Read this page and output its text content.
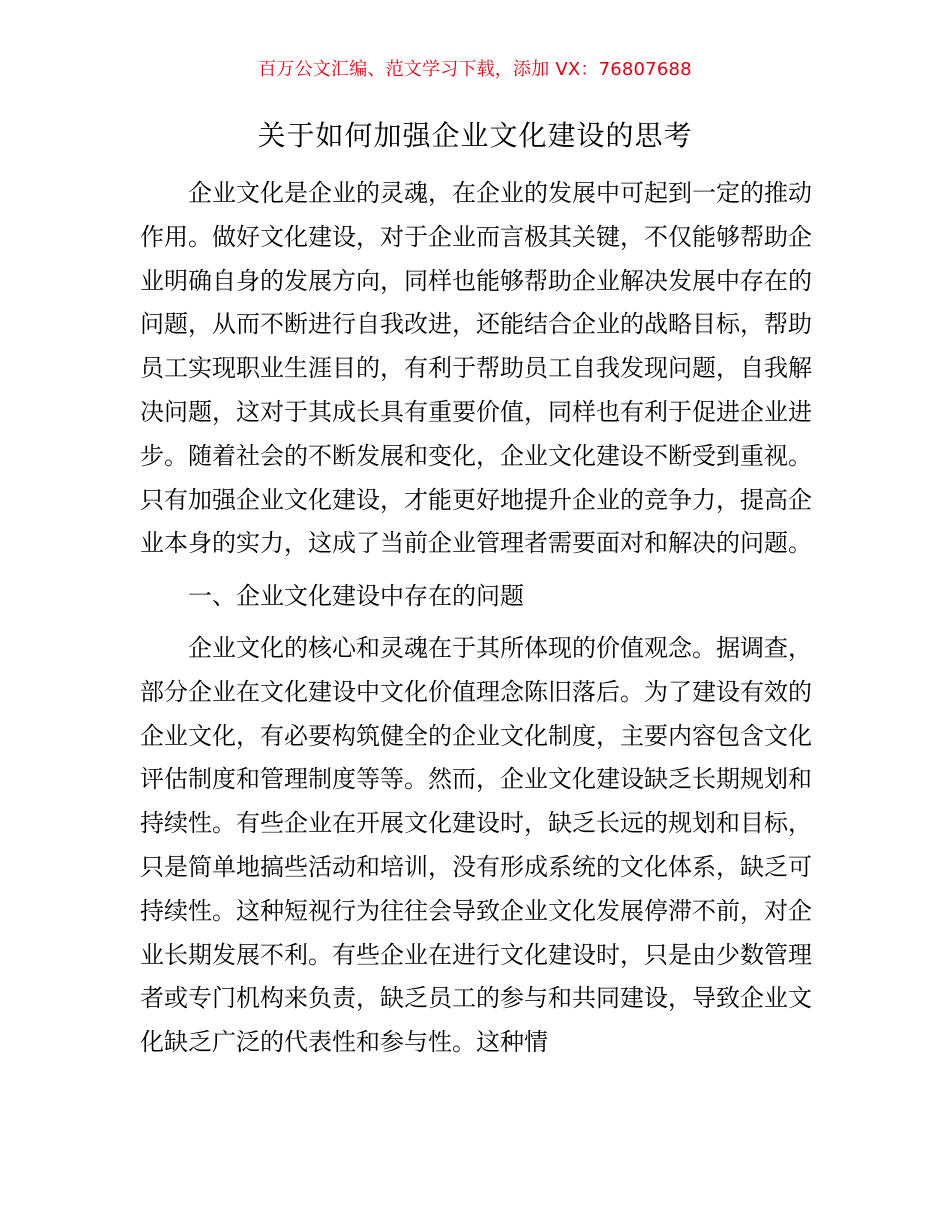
百万公文汇编、范文学习下载，添加 VX：76807688
关于如何加强企业文化建设的思考

企业文化是企业的灵魂，在企业的发展中可起到一定的推动作用。做好文化建设，对于企业而言极其关键，不仅能够帮助企业明确自身的发展方向，同样也能够帮助企业解决发展中存在的问题，从而不断进行自我改进，还能结合企业的战略目标，帮助员工实现职业生涯目的，有利于帮助员工自我发现问题，自我解决问题，这对于其成长具有重要价值，同样也有利于促进企业进步。随着社会的不断发展和变化，企业文化建设不断受到重视。只有加强企业文化建设，才能更好地提升企业的竞争力，提高企业本身的实力，这成了当前企业管理者需要面对和解决的问题。

一、企业文化建设中存在的问题

企业文化的核心和灵魂在于其所体现的价值观念。据调查，部分企业在文化建设中文化价值理念陈旧落后。为了建设有效的企业文化，有必要构筑健全的企业文化制度，主要内容包含文化评估制度和管理制度等等。然而，企业文化建设缺乏长期规划和持续性。有些企业在开展文化建设时，缺乏长远的规划和目标，只是简单地搞些活动和培训，没有形成系统的文化体系，缺乏可持续性。这种短视行为往往会导致企业文化发展停滞不前，对企业长期发展不利。有些企业在进行文化建设时，只是由少数管理者或专门机构来负责，缺乏员工的参与和共同建设，导致企业文化缺乏广泛的代表性和参与性。这种情
